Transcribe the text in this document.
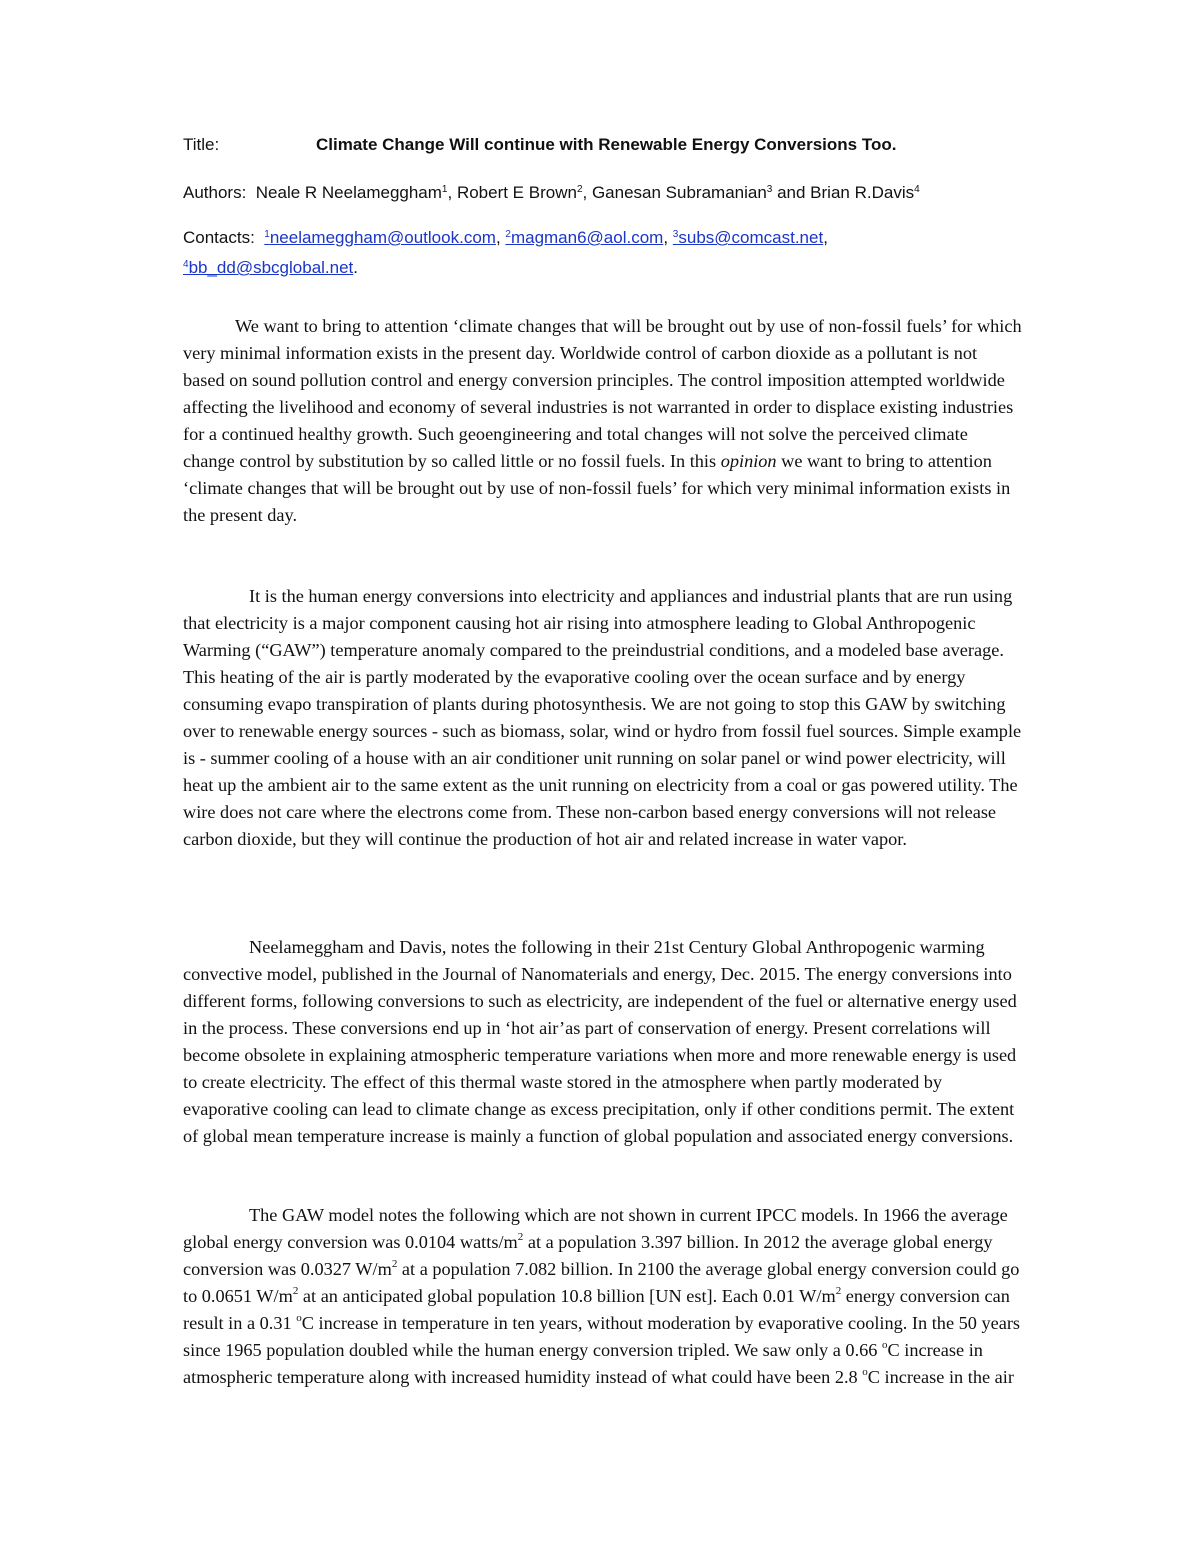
Title:	Climate Change Will continue with Renewable Energy Conversions Too.
Authors: Neale R Neelameggham$^1$, Robert E Brown$^2$, Ganesan Subramanian$^3$ and Brian R.Davis$^4$
Contacts: $^1$neelameggham@outlook.com, $^2$magman6@aol.com, $^3$subs@comcast.net,
$^4$bb_dd@sbcglobal.net.

We want to bring to attention ‘climate changes that will be brought out by use of non-fossil fuels’ for which very minimal information exists in the present day. Worldwide control of carbon dioxide as a pollutant is not based on sound pollution control and energy conversion principles. The control imposition attempted worldwide affecting the livelihood and economy of several industries is not warranted in order to displace existing industries for a continued healthy growth. Such geoengineering and total changes will not solve the perceived climate change control by substitution by so called little or no fossil fuels. In this opinion we want to bring to attention ‘climate changes that will be brought out by use of non-fossil fuels’ for which very minimal information exists in the present day.

It is the human energy conversions into electricity and appliances and industrial plants that are run using that electricity is a major component causing hot air rising into atmosphere leading to Global Anthropogenic Warming (“GAW”) temperature anomaly compared to the preindustrial conditions, and a modeled base average. This heating of the air is partly moderated by the evaporative cooling over the ocean surface and by energy consuming evapo transpiration of plants during photosynthesis. We are not going to stop this GAW by switching over to renewable energy sources - such as biomass, solar, wind or hydro from fossil fuel sources. Simple example is - summer cooling of a house with an air conditioner unit running on solar panel or wind power electricity, will heat up the ambient air to the same extent as the unit running on electricity from a coal or gas powered utility. The wire does not care where the electrons come from. These non-carbon based energy conversions will not release carbon dioxide, but they will continue the production of hot air and related increase in water vapor.

Neelameggham and Davis, notes the following in their 21st Century Global Anthropogenic warming convective model, published in the Journal of Nanomaterials and energy, Dec. 2015. The energy conversions into different forms, following conversions to such as electricity, are independent of the fuel or alternative energy used in the process. These conversions end up in ‘hot air’as part of conservation of energy. Present correlations will become obsolete in explaining atmospheric temperature variations when more and more renewable energy is used to create electricity. The effect of this thermal waste stored in the atmosphere when partly moderated by evaporative cooling can lead to climate change as excess precipitation, only if other conditions permit. The extent of global mean temperature increase is mainly a function of global population and associated energy conversions.

The GAW model notes the following which are not shown in current IPCC models. In 1966 the average global energy conversion was 0.0104 watts/$m^2$ at a population 3.397 billion. In 2012 the average global energy conversion was 0.0327 $W/m^2$ at a population 7.082 billion. In 2100 the average global energy conversion could go to 0.0651 $W/m^2$ at an anticipated global population 10.8 billion [UN est]. Each 0.01 $W/m^2$ energy conversion can result in a 0.31 $^o$C increase in temperature in ten years, without moderation by evaporative cooling. In the 50 years since 1965 population doubled while the human energy conversion tripled. We saw only a 0.66 $^o$C increase in atmospheric temperature along with increased humidity instead of what could have been 2.8 $^o$C increase in the air
